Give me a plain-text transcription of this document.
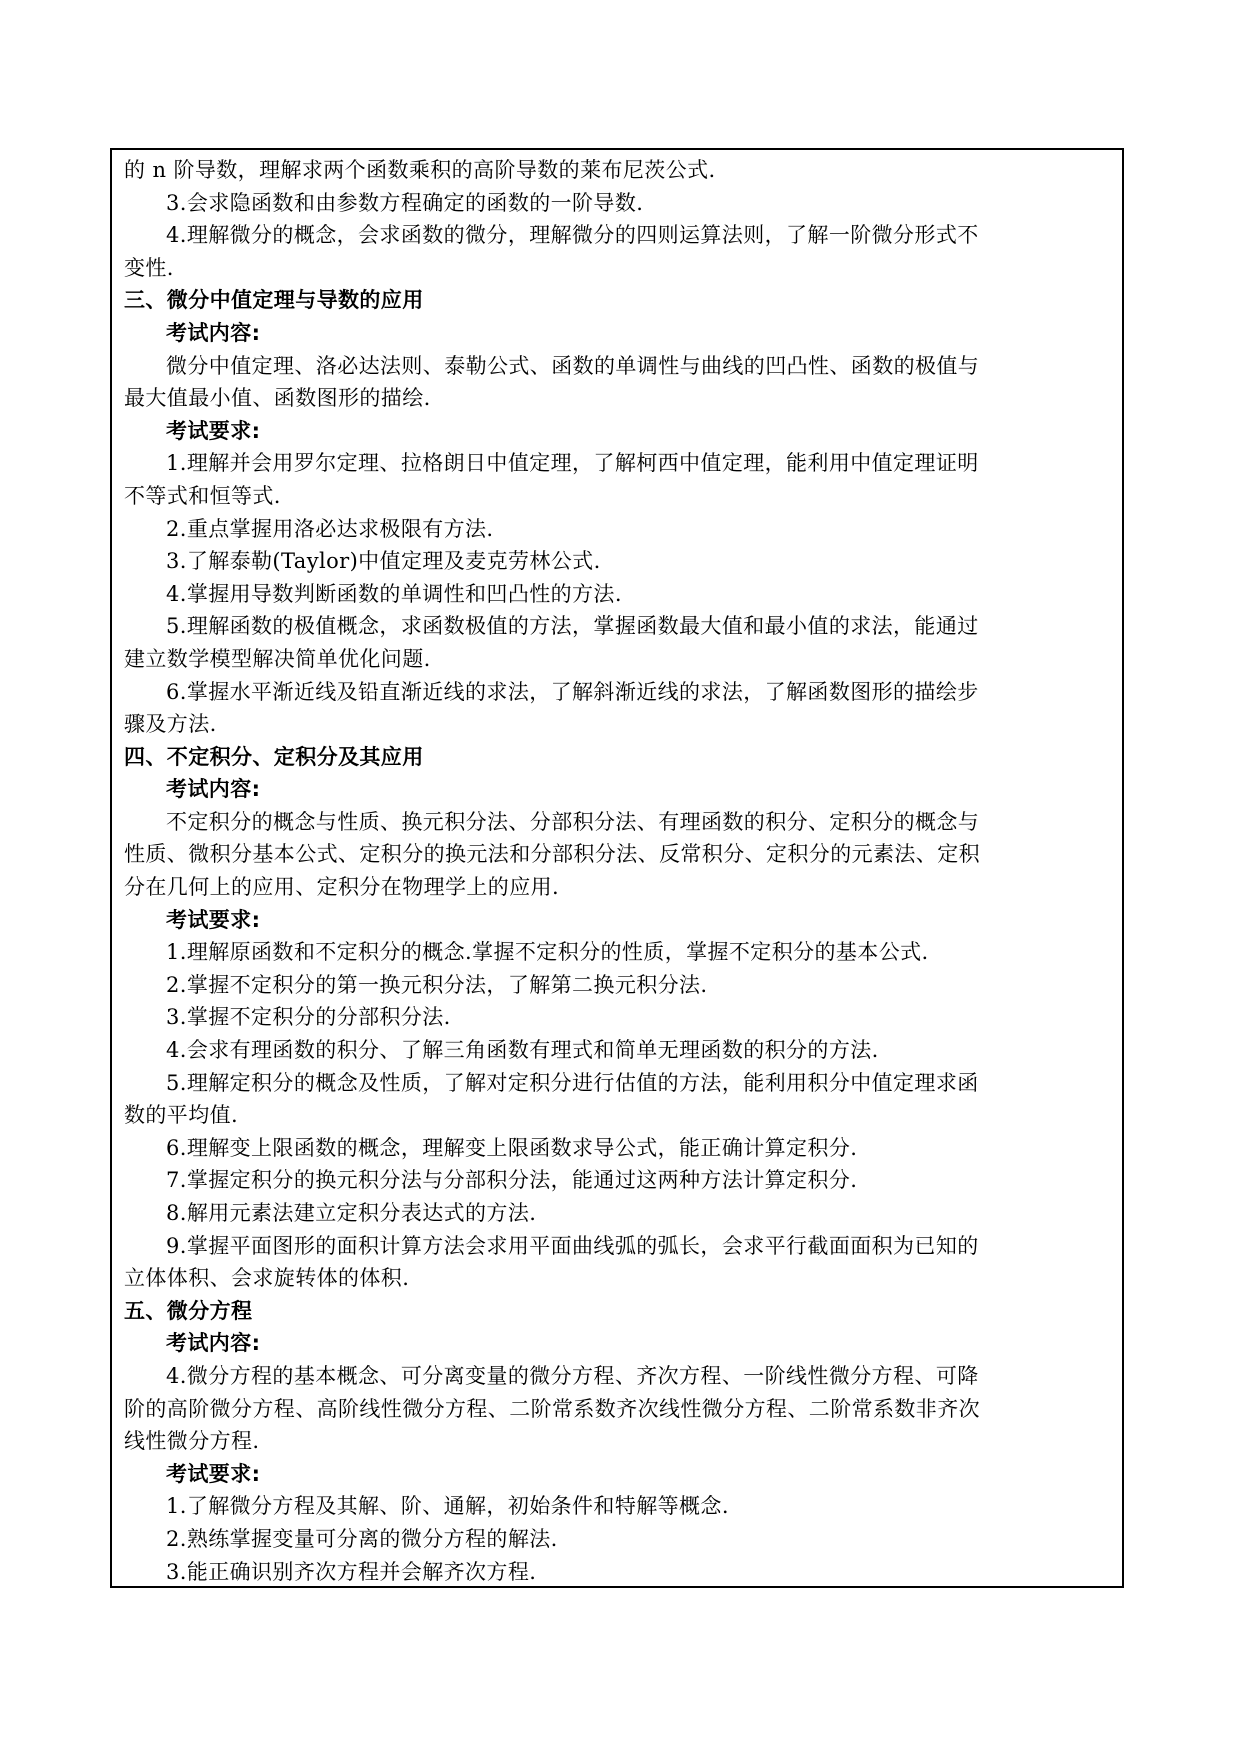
的 n 阶导数，理解求两个函数乘积的高阶导数的莱布尼茨公式.
3.会求隐函数和由参数方程确定的函数的一阶导数.
4.理解微分的概念，会求函数的微分，理解微分的四则运算法则，了解一阶微分形式不
变性.
三、微分中值定理与导数的应用
考试内容:
微分中值定理、洛必达法则、泰勒公式、函数的单调性与曲线的凹凸性、函数的极值与
最大值最小值、函数图形的描绘.
考试要求:
1.理解并会用罗尔定理、拉格朗日中值定理，了解柯西中值定理，能利用中值定理证明
不等式和恒等式.
2.重点掌握用洛必达求极限有方法.
3.了解泰勒(Taylor)中值定理及麦克劳林公式.
4.掌握用导数判断函数的单调性和凹凸性的方法.
5.理解函数的极值概念，求函数极值的方法，掌握函数最大值和最小值的求法，能通过
建立数学模型解决简单优化问题.
6.掌握水平渐近线及铅直渐近线的求法，了解斜渐近线的求法，了解函数图形的描绘步
骤及方法.
四、不定积分、定积分及其应用
考试内容:
不定积分的概念与性质、换元积分法、分部积分法、有理函数的积分、定积分的概念与
性质、微积分基本公式、定积分的换元法和分部积分法、反常积分、定积分的元素法、定积
分在几何上的应用、定积分在物理学上的应用.
考试要求:
1.理解原函数和不定积分的概念.掌握不定积分的性质，掌握不定积分的基本公式.
2.掌握不定积分的第一换元积分法，了解第二换元积分法.
3.掌握不定积分的分部积分法.
4.会求有理函数的积分、了解三角函数有理式和简单无理函数的积分的方法.
5.理解定积分的概念及性质，了解对定积分进行估值的方法，能利用积分中值定理求函
数的平均值.
6.理解变上限函数的概念，理解变上限函数求导公式，能正确计算定积分.
7.掌握定积分的换元积分法与分部积分法，能通过这两种方法计算定积分.
8.解用元素法建立定积分表达式的方法.
9.掌握平面图形的面积计算方法会求用平面曲线弧的弧长，会求平行截面面积为已知的
立体体积、会求旋转体的体积.
五、微分方程
考试内容:
4.微分方程的基本概念、可分离变量的微分方程、齐次方程、一阶线性微分方程、可降
阶的高阶微分方程、高阶线性微分方程、二阶常系数齐次线性微分方程、二阶常系数非齐次
线性微分方程.
考试要求:
1.了解微分方程及其解、阶、通解，初始条件和特解等概念.
2.熟练掌握变量可分离的微分方程的解法.
3.能正确识别齐次方程并会解齐次方程.
